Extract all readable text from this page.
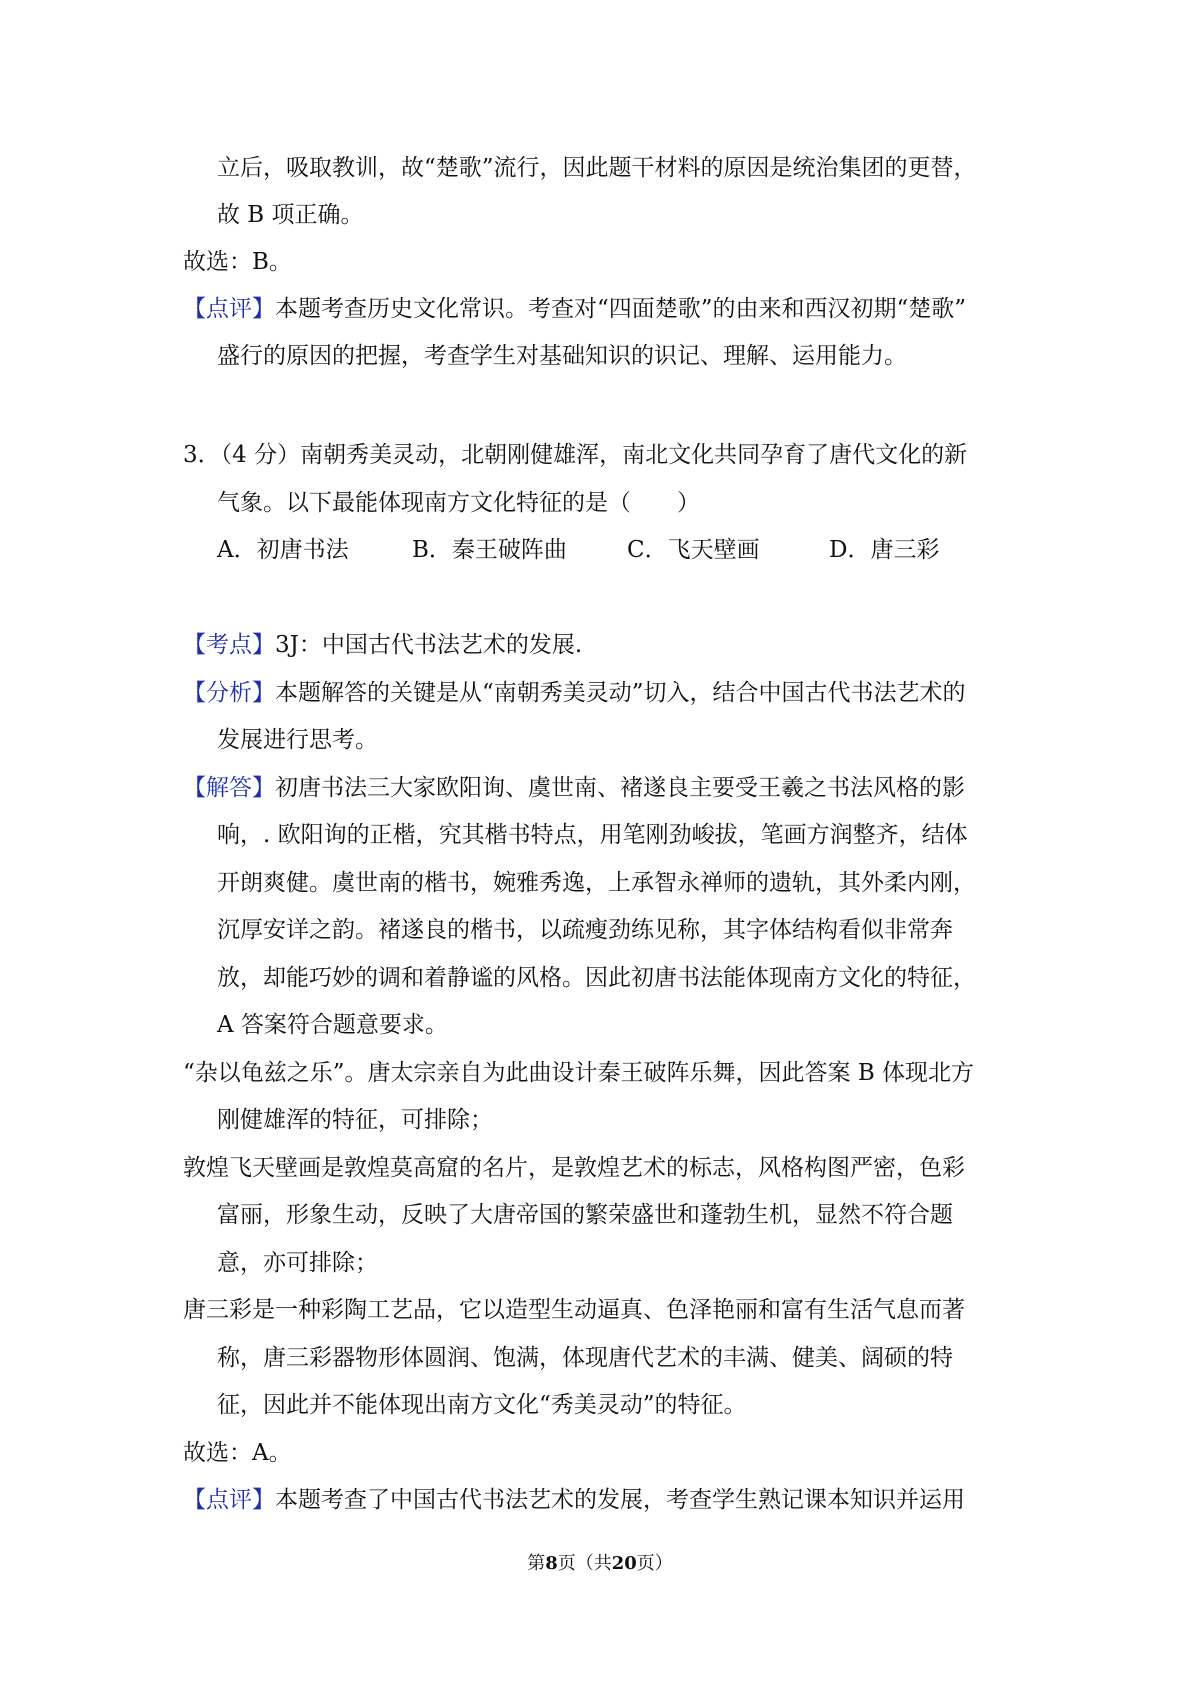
立后，吸取教训，故“楚歌”流行，因此题干材料的原因是统治集团的更替，
故 B 项正确。
故选：B。
【点评】本题考查历史文化常识。考查对“四面楚歌”的由来和西汉初期“楚歌”
盛行的原因的把握，考查学生对基础知识的识记、理解、运用能力。
3．（4 分）南朝秀美灵动，北朝刚健雄浑，南北文化共同孕育了唐代文化的新
气象。以下最能体现南方文化特征的是（　　）
A．初唐书法	B．秦王破阵曲	C．飞天壁画	D．唐三彩
【考点】3J：中国古代书法艺术的发展.
【分析】本题解答的关键是从“南朝秀美灵动”切入，结合中国古代书法艺术的
发展进行思考。
【解答】初唐书法三大家欧阳询、虞世南、褚遂良主要受王羲之书法风格的影
响，. 欧阳询的正楷，究其楷书特点，用笔刚劲峻拔，笔画方润整齐，结体
开朗爽健。虞世南的楷书，婉雅秀逸，上承智永禅师的遗轨，其外柔内刚，
沉厚安详之韵。褚遂良的楷书，以疏瘦劲练见称，其字体结构看似非常奔
放，却能巧妙的调和着静谧的风格。因此初唐书法能体现南方文化的特征，
A 答案符合题意要求。
“杂以龟兹之乐”。唐太宗亲自为此曲设计秦王破阵乐舞，因此答案 B 体现北方
刚健雄浑的特征，可排除；
敦煌飞天壁画是敦煌莫高窟的名片，是敦煌艺术的标志，风格构图严密，色彩
富丽，形象生动，反映了大唐帝国的繁荣盛世和蓬勃生机，显然不符合题
意，亦可排除；
唐三彩是一种彩陶工艺品，它以造型生动逼真、色泽艳丽和富有生活气息而著
称，唐三彩器物形体圆润、饱满，体现唐代艺术的丰满、健美、阔硕的特
征，因此并不能体现出南方文化“秀美灵动”的特征。
故选：A。
【点评】本题考查了中国古代书法艺术的发展，考查学生熟记课本知识并运用
第8页（共20页）
